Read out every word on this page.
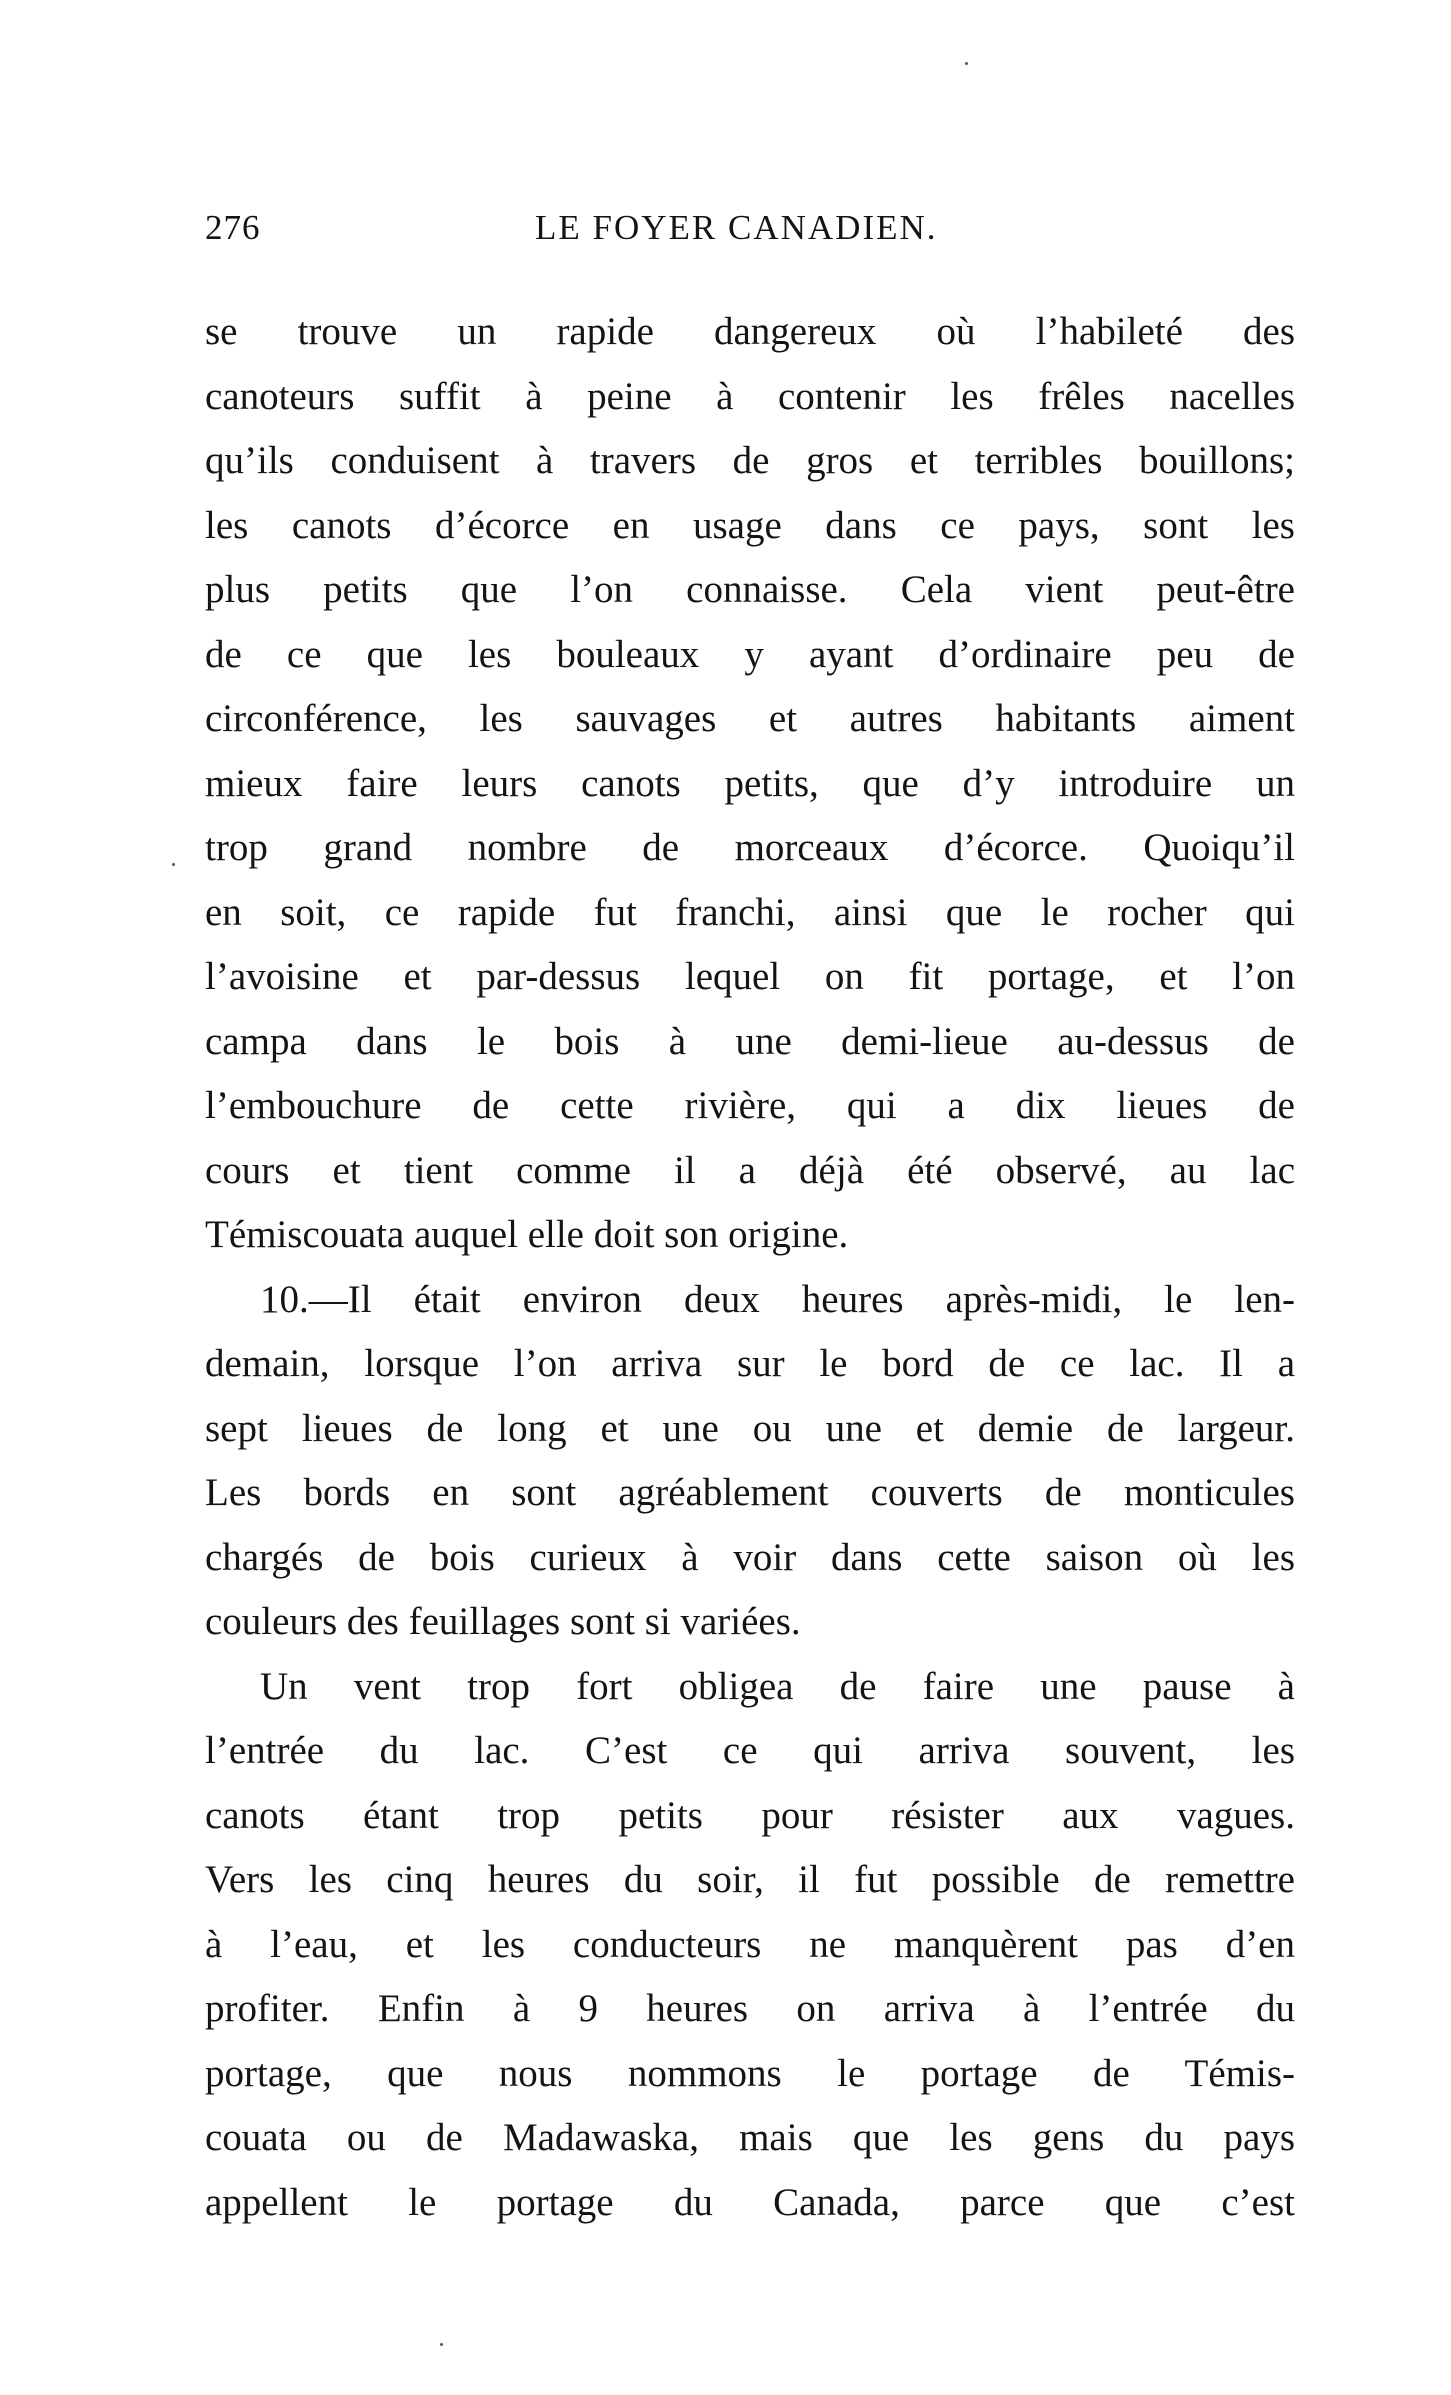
276	LE FOYER CANADIEN.
se trouve un rapide dangereux où l’habileté des
canoteurs suffit à peine à contenir les frêles nacelles
qu’ils conduisent à travers de gros et terribles bouillons;
les canots d’écorce en usage dans ce pays, sont les
plus petits que l’on connaisse. Cela vient peut-être
de ce que les bouleaux y ayant d’ordinaire peu de
circonférence, les sauvages et autres habitants aiment
mieux faire leurs canots petits, que d’y introduire un
trop grand nombre de morceaux d’écorce. Quoiqu’il
en soit, ce rapide fut franchi, ainsi que le rocher qui
l’avoisine et par-dessus lequel on fit portage, et l’on
campa dans le bois à une demi-lieue au-dessus de
l’embouchure de cette rivière, qui a dix lieues de
cours et tient comme il a déjà été observé, au lac
Témiscouata auquel elle doit son origine.
10.—Il était environ deux heures après-midi, le len-
demain, lorsque l’on arriva sur le bord de ce lac. Il a
sept lieues de long et une ou une et demie de largeur.
Les bords en sont agréablement couverts de monticules
chargés de bois curieux à voir dans cette saison où les
couleurs des feuillages sont si variées.
Un vent trop fort obligea de faire une pause à
l’entrée du lac. C’est ce qui arriva souvent, les
canots étant trop petits pour résister aux vagues.
Vers les cinq heures du soir, il fut possible de remettre
à l’eau, et les conducteurs ne manquèrent pas d’en
profiter. Enfin à 9 heures on arriva à l’entrée du
portage, que nous nommons le portage de Témis-
couata ou de Madawaska, mais que les gens du pays
appellent le portage du Canada, parce que c’est
